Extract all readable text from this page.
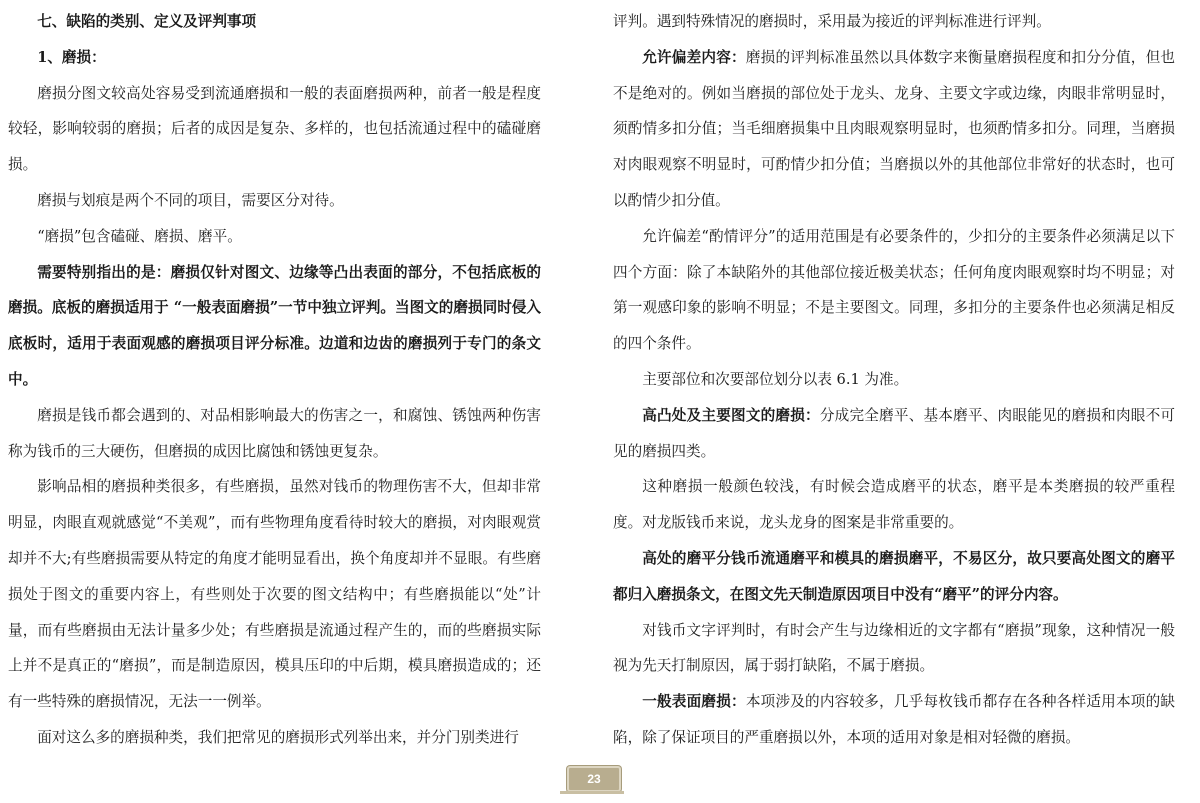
七、缺陷的类别、定义及评判事项

1、磨损：

磨损分图文较高处容易受到流通磨损和一般的表面磨损两种，前者一般是程度较轻，影响较弱的磨损；后者的成因是复杂、多样的，也包括流通过程中的磕碰磨损。

磨损与划痕是两个不同的项目，需要区分对待。

“磨损”包含磕碰、磨损、磨平。

需要特别指出的是：磨损仅针对图文、边缘等凸出表面的部分，不包括底板的磨损。底板的磨损适用于 “一般表面磨损”一节中独立评判。当图文的磨损同时侵入底板时，适用于表面观感的磨损项目评分标准。边道和边齿的磨损列于专门的条文中。

磨损是钱币都会遇到的、对品相影响最大的伤害之一，和腐蚀、锈蚀两种伤害称为钱币的三大硬伤，但磨损的成因比腐蚀和锈蚀更复杂。

影响品相的磨损种类很多，有些磨损，虽然对钱币的物理伤害不大，但却非常明显，肉眼直观就感觉“不美观”，而有些物理角度看待时较大的磨损，对肉眼观赏却并不大;有些磨损需要从特定的角度才能明显看出，换个角度却并不显眼。有些磨损处于图文的重要内容上，有些则处于次要的图文结构中；有些磨损能以“处”计量，而有些磨损由无法计量多少处；有些磨损是流通过程产生的，而的些磨损实际上并不是真正的“磨损”，而是制造原因，模具压印的中后期，模具磨损造成的；还有一些特殊的磨损情况，无法一一例举。

面对这么多的磨损种类，我们把常见的磨损形式列举出来，并分门别类进行

评判。遇到特殊情况的磨损时，采用最为接近的评判标准进行评判。

允许偏差内容：磨损的评判标准虽然以具体数字来衡量磨损程度和扣分分值，但也不是绝对的。例如当磨损的部位处于龙头、龙身、主要文字或边缘，肉眼非常明显时，须酌情多扣分值；当毛细磨损集中且肉眼观察明显时，也须酌情多扣分。同理，当磨损对肉眼观察不明显时，可酌情少扣分值；当磨损以外的其他部位非常好的状态时，也可以酌情少扣分值。

允许偏差“酌情评分”的适用范围是有必要条件的，少扣分的主要条件必须满足以下四个方面：除了本缺陷外的其他部位接近极美状态；任何角度肉眼观察时均不明显；对第一观感印象的影响不明显；不是主要图文。同理，多扣分的主要条件也必须满足相反的四个条件。

主要部位和次要部位划分以表 6.1 为准。

高凸处及主要图文的磨损：分成完全磨平、基本磨平、肉眼能见的磨损和肉眼不可见的磨损四类。

这种磨损一般颜色较浅，有时候会造成磨平的状态，磨平是本类磨损的较严重程度。对龙版钱币来说，龙头龙身的图案是非常重要的。

高处的磨平分钱币流通磨平和模具的磨损磨平，不易区分，故只要高处图文的磨平都归入磨损条文，在图文先天制造原因项目中没有“磨平”的评分内容。

对钱币文字评判时，有时会产生与边缘相近的文字都有“磨损”现象，这种情况一般视为先天打制原因，属于弱打缺陷，不属于磨损。

一般表面磨损：本项涉及的内容较多，几乎每枚钱币都存在各种各样适用本项的缺陷，除了保证项目的严重磨损以外，本项的适用对象是相对轻微的磨损。

23
